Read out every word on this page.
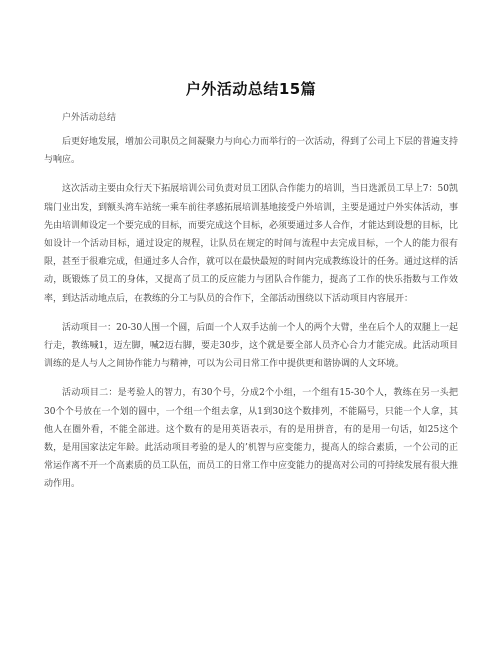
户外活动总结15篇

户外活动总结

后更好地发展，增加公司职员之间凝聚力与向心力而举行的一次活动，得到了公司上下层的普遍支持与响应。

这次活动主要由众行天下拓展培训公司负责对员工团队合作能力的培训，当日选派员工早上7：50凯瑞门业出发，到额头湾车站统一乘车前往孝感拓展培训基地接受户外培训，主要是通过户外实体活动，事先由培训师设定一个要完成的目标，而要完成这个目标，必须要通过多人合作，才能达到设想的目标，比如设计一个活动目标，通过设定的规程，让队员在规定的时间与流程中去完成目标，一个人的能力很有限，甚至于很难完成，但通过多人合作，就可以在最快最短的时间内完成教练设计的任务。通过这样的活动，既锻炼了员工的身体，又提高了员工的反应能力与团队合作能力，提高了工作的快乐指数与工作效率，到达活动地点后，在教练的分工与队员的合作下，全部活动围绕以下活动项目内容展开：

活动项目一：20-30人围一个圆，后面一个人双手达前一个人的两个大臂，坐在后个人的双腿上一起行走，教练喊1，迈左脚，喊2迈右脚，要走30步，这个就是要全部人员齐心合力才能完成。此活动项目训练的是人与人之间协作能力与精神，可以为公司日常工作中提供更和谐协调的人文环境。

活动项目二：是考验人的智力，有30个号，分成2个小组，一个组有15-30个人，教练在另一头把30个个号放在一个划的圆中，一个组一个组去拿，从1到30这个数排列，不能隔号，只能一个人拿，其他人在圈外看，不能全部进。这个数有的是用英语表示，有的是用拼音，有的是用一句话，如25这个数，是用国家法定年龄。此活动项目考验的是人的’机智与应变能力，提高人的综合素质，一个公司的正常运作离不开一个高素质的员工队伍，而员工的日常工作中应变能力的提高对公司的可持续发展有很大推动作用。
